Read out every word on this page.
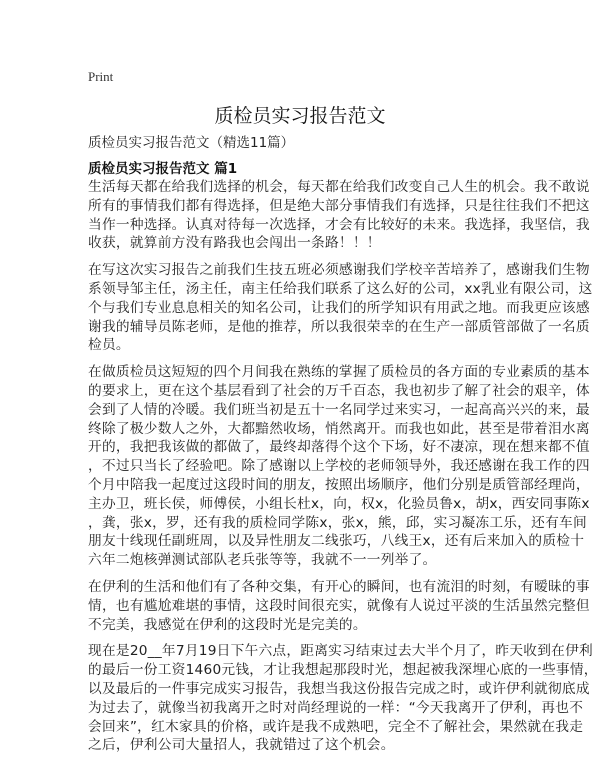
Print
质检员实习报告范文
质检员实习报告范文（精选11篇）
质检员实习报告范文 篇1
生活每天都在给我们选择的机会，每天都在给我们改变自己人生的机会。我不敢说
所有的事情我们都有得选择，但是绝大部分事情我们有选择，只是往往我们不把这
当作一种选择。认真对待每一次选择，才会有比较好的未来。我选择，我坚信，我
收获，就算前方没有路我也会闯出一条路！！！
在写这次实习报告之前我们生技五班必须感谢我们学校辛苦培养了，感谢我们生物
系领导邹主任，汤主任，南主任给我们联系了这么好的公司，xx乳业有限公司，这
个与我们专业息息相关的知名公司，让我们的所学知识有用武之地。而我更应该感
谢我的辅导员陈老师，是他的推荐，所以我很荣幸的在生产一部质管部做了一名质
检员。
在做质检员这短短的四个月间我在熟练的掌握了质检员的各方面的专业素质的基本
的要求上，更在这个基层看到了社会的万千百态，我也初步了解了社会的艰辛，体
会到了人情的冷暖。我们班当初是五十一名同学过来实习，一起高高兴兴的来，最
终除了极少数人之外，大都黯然收场，悄然离开。而我也如此，甚至是带着泪水离
开的，我把我该做的都做了，最终却落得个这个下场，好不凄凉，现在想来都不值
，不过只当长了经验吧。除了感谢以上学校的老师领导外，我还感谢在我工作的四
个月中陪我一起度过这段时间的朋友，按照出场顺序，他们分别是质管部经理尚，
主办卫，班长侯，师傅侯，小组长杜x，向，权x，化验员鲁x，胡x，西安同事陈x
，龚，张x，罗，还有我的质检同学陈x，张x，熊，邱，实习凝冻工乐，还有车间
朋友十线现任副班周，以及异性朋友二线张巧，八线王x，还有后来加入的质检十
六年二炮核弹测试部队老兵张等等，我就不一一列举了。
在伊利的生活和他们有了各种交集，有开心的瞬间，也有流泪的时刻，有暧昧的事
情，也有尴尬难堪的事情，这段时间很充实，就像有人说过平淡的生活虽然完整但
不完美，我感觉在伊利的这段时光是完美的。
现在是20__年7月19日下午六点，距离实习结束过去大半个月了，昨天收到在伊利
的最后一份工资1460元钱，才让我想起那段时光，想起被我深埋心底的一些事情，
以及最后的一件事完成实习报告，我想当我这份报告完成之时，或许伊利就彻底成
为过去了，就像当初我离开之时对尚经理说的一样：“今天我离开了伊利，再也不
会回来”，红木家具的价格，或许是我不成熟吧，完全不了解社会，果然就在我走
之后，伊利公司大量招人，我就错过了这个机会。
